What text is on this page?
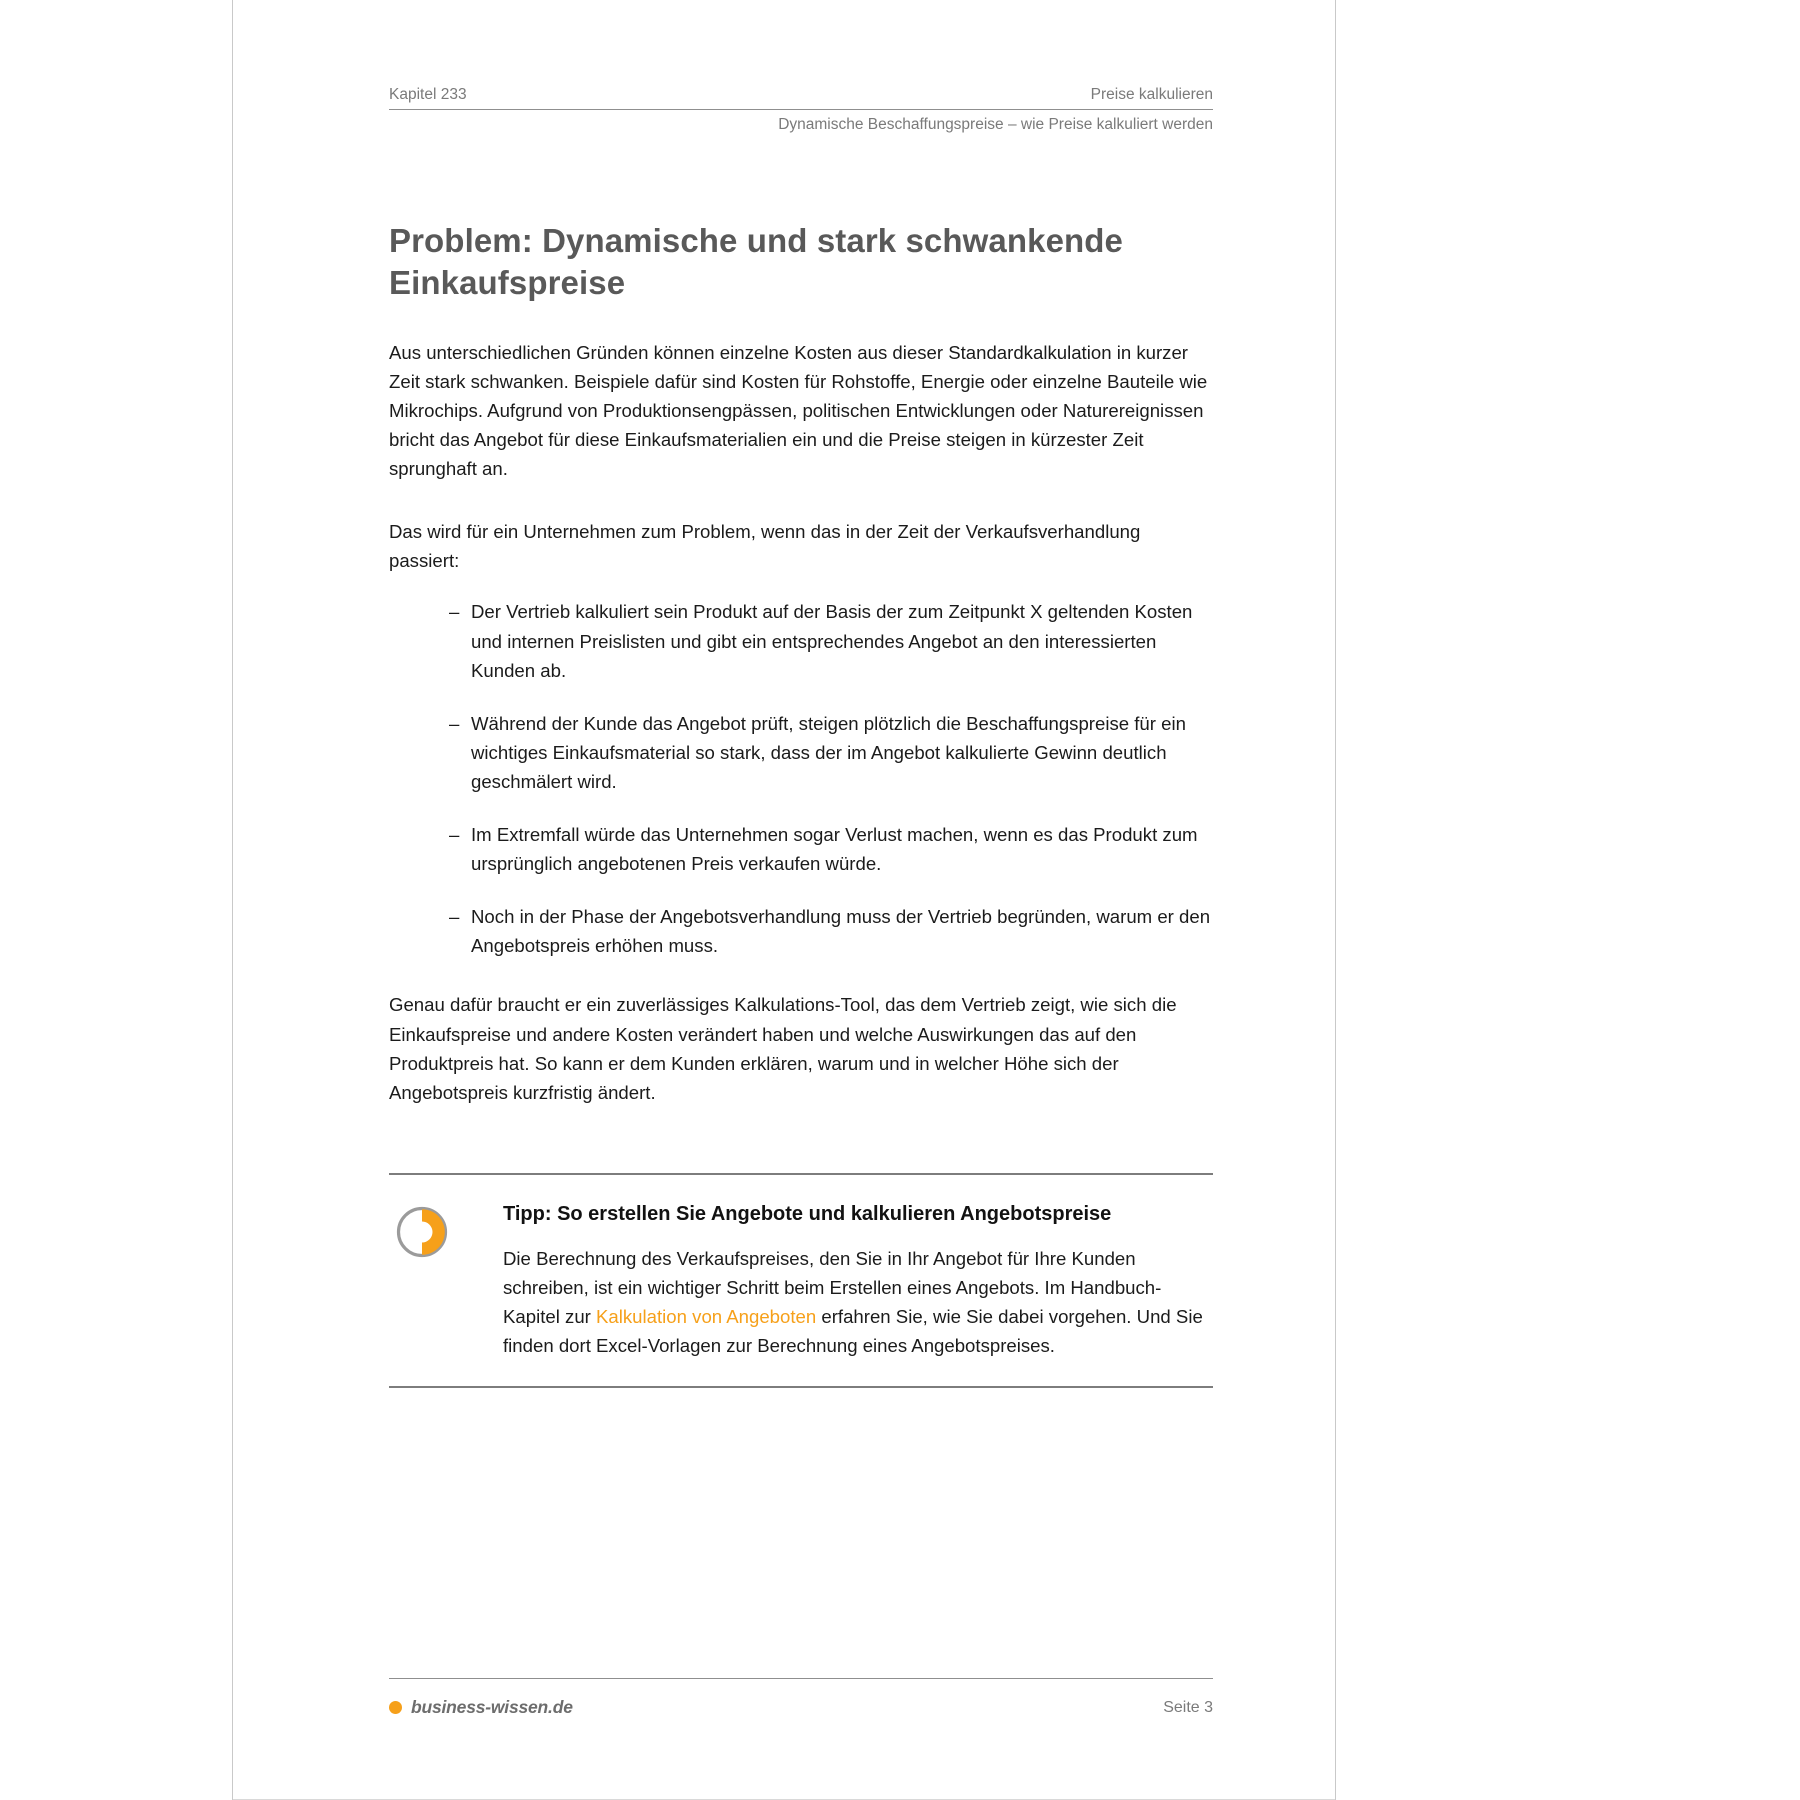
Kapitel 233	Preise kalkulieren
Dynamische Beschaffungspreise – wie Preise kalkuliert werden
Problem: Dynamische und stark schwankende Einkaufspreise

Aus unterschiedlichen Gründen können einzelne Kosten aus dieser Standardkalkulation in kurzer Zeit stark schwanken. Beispiele dafür sind Kosten für Rohstoffe, Energie oder einzelne Bauteile wie Mikrochips. Aufgrund von Produktionsengpässen, politischen Entwicklungen oder Naturereignissen bricht das Angebot für diese Einkaufsmaterialien ein und die Preise steigen in kürzester Zeit sprunghaft an.

Das wird für ein Unternehmen zum Problem, wenn das in der Zeit der Verkaufsverhandlung passiert:

– Der Vertrieb kalkuliert sein Produkt auf der Basis der zum Zeitpunkt X geltenden Kosten und internen Preislisten und gibt ein entsprechendes Angebot an den interessierten Kunden ab.
– Während der Kunde das Angebot prüft, steigen plötzlich die Beschaffungspreise für ein wichtiges Einkaufsmaterial so stark, dass der im Angebot kalkulierte Gewinn deutlich geschmälert wird.
– Im Extremfall würde das Unternehmen sogar Verlust machen, wenn es das Produkt zum ursprünglich angebotenen Preis verkaufen würde.
– Noch in der Phase der Angebotsverhandlung muss der Vertrieb begründen, warum er den Angebotspreis erhöhen muss.

Genau dafür braucht er ein zuverlässiges Kalkulations-Tool, das dem Vertrieb zeigt, wie sich die Einkaufspreise und andere Kosten verändert haben und welche Auswirkungen das auf den Produktpreis hat. So kann er dem Kunden erklären, warum und in welcher Höhe sich der Angebotspreis kurzfristig ändert.

Tipp: So erstellen Sie Angebote und kalkulieren Angebotspreise
Die Berechnung des Verkaufspreises, den Sie in Ihr Angebot für Ihre Kunden schreiben, ist ein wichtiger Schritt beim Erstellen eines Angebots. Im Handbuch-Kapitel zur Kalkulation von Angeboten erfahren Sie, wie Sie dabei vorgehen. Und Sie finden dort Excel-Vorlagen zur Berechnung eines Angebotspreises.
business-wissen.de	Seite 3
